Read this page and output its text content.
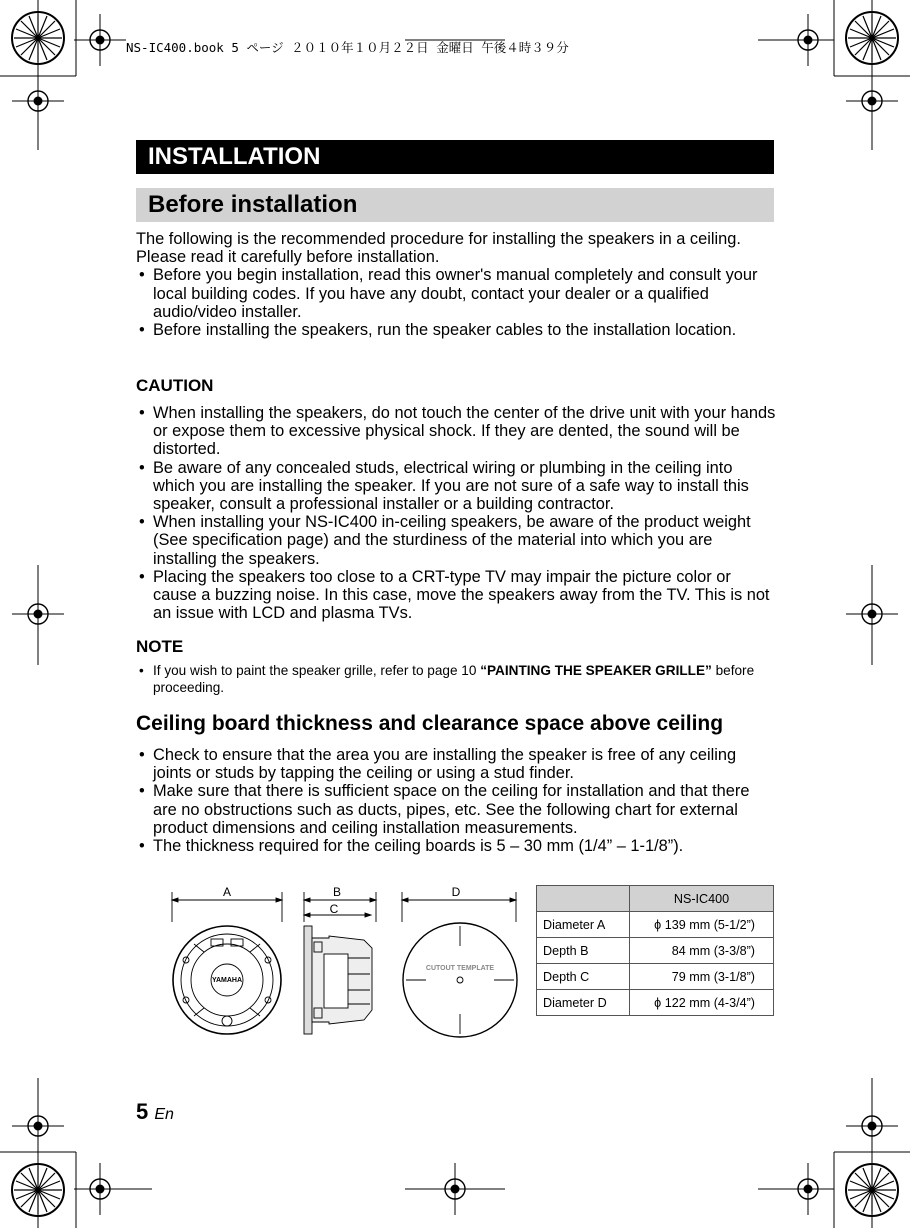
NS-IC400.book 5 ページ ２０１０年１０月２２日 金曜日 午後４時３９分
INSTALLATION
Before installation
The following is the recommended procedure for installing the speakers in a ceiling. Please read it carefully before installation.
• Before you begin installation, read this owner's manual completely and consult your local building codes. If you have any doubt, contact your dealer or a qualified audio/video installer.
• Before installing the speakers, run the speaker cables to the installation location.
CAUTION
• When installing the speakers, do not touch the center of the drive unit with your hands or expose them to excessive physical shock. If they are dented, the sound will be distorted.
• Be aware of any concealed studs, electrical wiring or plumbing in the ceiling into which you are installing the speaker. If you are not sure of a safe way to install this speaker, consult a professional installer or a building contractor.
• When installing your NS-IC400 in-ceiling speakers, be aware of the product weight (See specification page) and the sturdiness of the material into which you are installing the speakers.
• Placing the speakers too close to a CRT-type TV may impair the picture color or cause a buzzing noise. In this case, move the speakers away from the TV. This is not an issue with LCD and plasma TVs.
NOTE
• If you wish to paint the speaker grille, refer to page 10 “PAINTING THE SPEAKER GRILLE” before proceeding.
Ceiling board thickness and clearance space above ceiling
• Check to ensure that the area you are installing the speaker is free of any ceiling joints or studs by tapping the ceiling or using a stud finder.
• Make sure that there is sufficient space on the ceiling for installation and that there are no obstructions such as ducts, pipes, etc. See the following chart for external product dimensions and ceiling installation measurements.
• The thickness required for the ceiling boards is 5 – 30 mm (1/4” – 1-1/8”).
A	B
C
D
YAMAHA
CUTOUT TEMPLATE
	NS-IC400
Diameter A	ϕ 139 mm (5-1/2”)
Depth B	84 mm (3-3/8”)
Depth C	79 mm (3-1/8”)
Diameter D	ϕ 122 mm (4-3/4”)
5 En
